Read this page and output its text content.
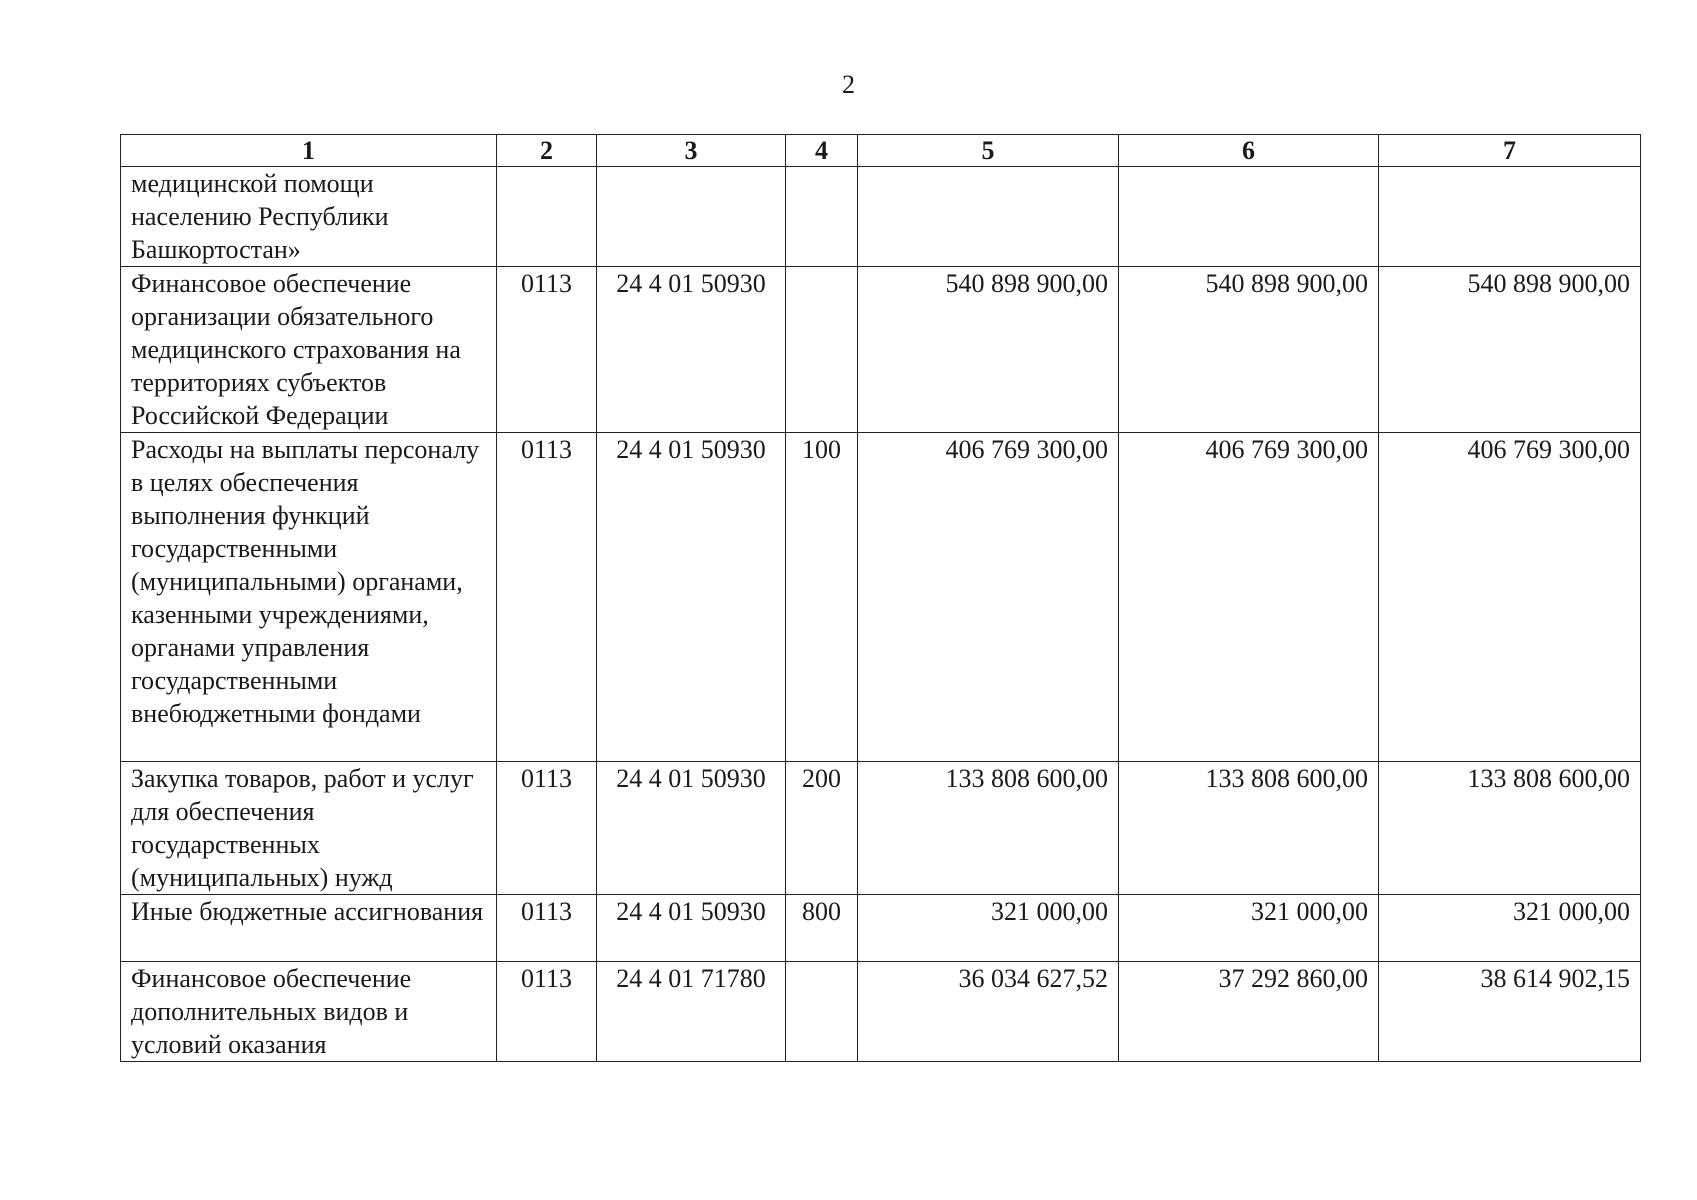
2
1	2	3	4	5	6	7
медицинской помощи населению Республики Башкортостан»						
Финансовое обеспечение организации обязательного медицинского страхования на территориях субъектов Российской Федерации	0113	24 4 01 50930		540 898 900,00	540 898 900,00	540 898 900,00
Расходы на выплаты персоналу в целях обеспечения выполнения функций государственными (муниципальными) органами, казенными учреждениями, органами управления государственными внебюджетными фондами	0113	24 4 01 50930	100	406 769 300,00	406 769 300,00	406 769 300,00
Закупка товаров, работ и услуг для обеспечения государственных (муниципальных) нужд	0113	24 4 01 50930	200	133 808 600,00	133 808 600,00	133 808 600,00
Иные бюджетные ассигнования	0113	24 4 01 50930	800	321 000,00	321 000,00	321 000,00
Финансовое обеспечение дополнительных видов и условий оказания	0113	24 4 01 71780		36 034 627,52	37 292 860,00	38 614 902,15
